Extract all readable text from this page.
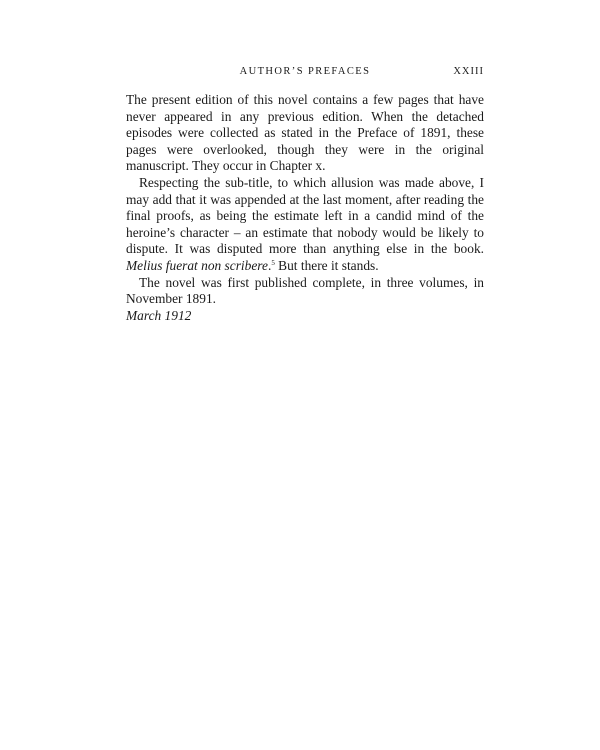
AUTHOR’S PREFACES	XXIII

The present edition of this novel contains a few pages that have never appeared in any previous edition. When the detached episodes were collected as stated in the Preface of 1891, these pages were overlooked, though they were in the original manuscript. They occur in Chapter x.

Respecting the sub-title, to which allusion was made above, I may add that it was appended at the last moment, after reading the final proofs, as being the estimate left in a candid mind of the heroine’s character – an estimate that nobody would be likely to dispute. It was disputed more than anything else in the book. Melius fuerat non scribere.$^5$ But there it stands.

The novel was first published complete, in three volumes, in November 1891.

March 1912
